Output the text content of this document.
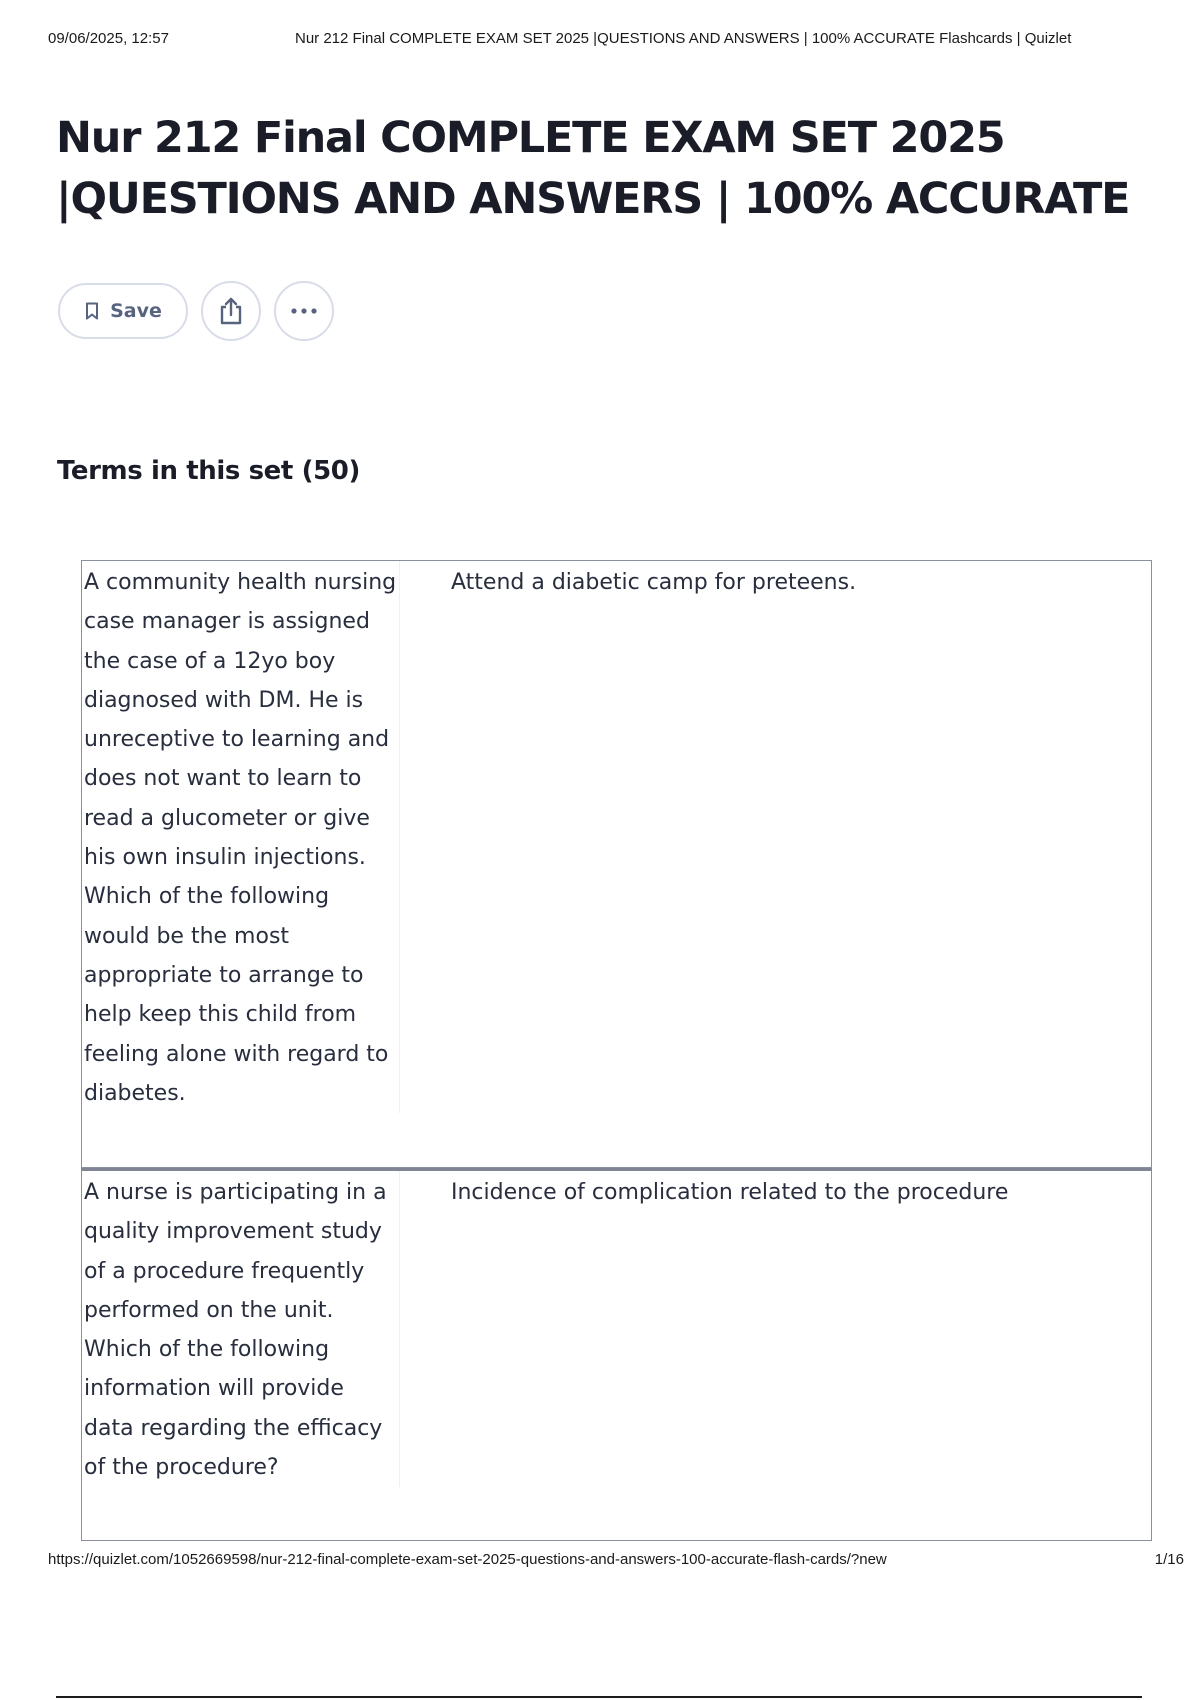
09/06/2025, 12:57	Nur 212 Final COMPLETE EXAM SET 2025 |QUESTIONS AND ANSWERS | 100% ACCURATE Flashcards | Quizlet
Nur 212 Final COMPLETE EXAM SET 2025
|QUESTIONS AND ANSWERS | 100% ACCURATE
Save
Terms in this set (50)
A community health nursing case manager is assigned the case of a 12yo boy diagnosed with DM. He is unreceptive to learning and does not want to learn to read a glucometer or give his own insulin injections. Which of the following would be the most appropriate to arrange to help keep this child from feeling alone with regard to diabetes.
Attend a diabetic camp for preteens.
A nurse is participating in a quality improvement study of a procedure frequently performed on the unit. Which of the following information will provide data regarding the efficacy of the procedure?
Incidence of complication related to the procedure
https://quizlet.com/1052669598/nur-212-final-complete-exam-set-2025-questions-and-answers-100-accurate-flash-cards/?new	1/16
